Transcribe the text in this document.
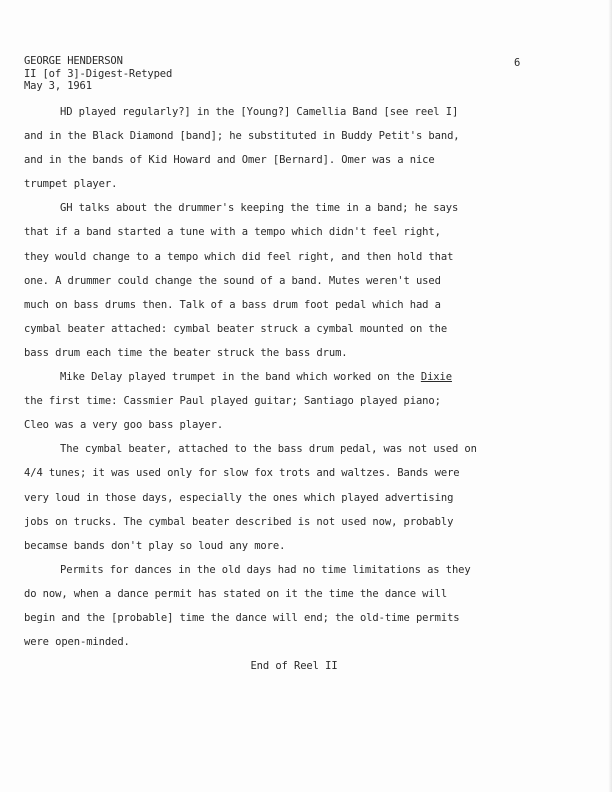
GEORGE HENDERSON
II [of 3]-Digest-Retyped
May 3, 1961
6
HD played regularly?] in the [Young?] Camellia Band [see reel I]
and in the Black Diamond [band]; he substituted in Buddy Petit's band,
and in the bands of Kid Howard and Omer [Bernard]. Omer was a nice
trumpet player.
GH talks about the drummer's keeping the time in a band; he says
that if a band started a tune with a tempo which didn't feel right,
they would change to a tempo which did feel right, and then hold that
one. A drummer could change the sound of a band. Mutes weren't used
much on bass drums then. Talk of a bass drum foot pedal which had a
cymbal beater attached: cymbal beater struck a cymbal mounted on the
bass drum each time the beater struck the bass drum.
Mike Delay played trumpet in the band which worked on the Dixie
the first time: Cassmier Paul played guitar; Santiago played piano;
Cleo was a very goo bass player.
The cymbal beater, attached to the bass drum pedal, was not used on
4/4 tunes; it was used only for slow fox trots and waltzes. Bands were
very loud in those days, especially the ones which played advertising
jobs on trucks. The cymbal beater described is not used now, probably
becamse bands don't play so loud any more.
Permits for dances in the old days had no time limitations as they
do now, when a dance permit has stated on it the time the dance will
begin and the [probable] time the dance will end; the old-time permits
were open-minded.
End of Reel II
